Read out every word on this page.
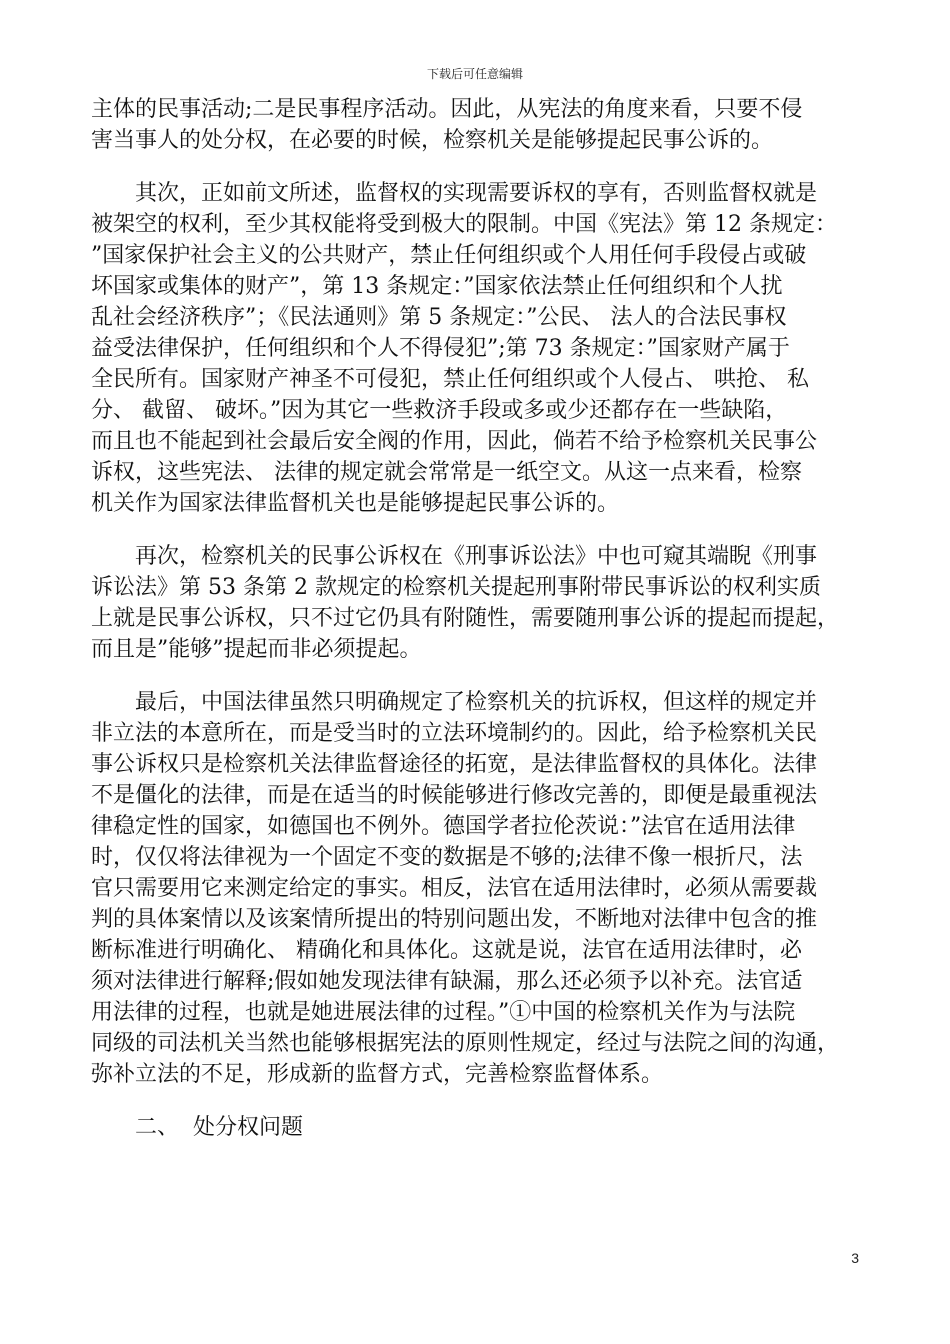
下载后可任意编辑
主体的民事活动;二是民事程序活动。因此，从宪法的角度来看，只要不侵
害当事人的处分权，在必要的时候，检察机关是能够提起民事公诉的。
其次，正如前文所述，监督权的实现需要诉权的享有，否则监督权就是
被架空的权利，至少其权能将受到极大的限制。中国《宪法》第 12 条规定：
”国家保护社会主义的公共财产，禁止任何组织或个人用任何手段侵占或破
坏国家或集体的财产”，第 13 条规定：”国家依法禁止任何组织和个人扰
乱社会经济秩序”；《民法通则》第 5 条规定：”公民、 法人的合法民事权
益受法律保护，任何组织和个人不得侵犯”;第 73 条规定：”国家财产属于
全民所有。国家财产神圣不可侵犯，禁止任何组织或个人侵占、 哄抢、 私
分、 截留、 破坏。”因为其它一些救济手段或多或少还都存在一些缺陷，
而且也不能起到社会最后安全阀的作用，因此，倘若不给予检察机关民事公
诉权，这些宪法、 法律的规定就会常常是一纸空文。从这一点来看，检察
机关作为国家法律监督机关也是能够提起民事公诉的。
再次，检察机关的民事公诉权在《刑事诉讼法》中也可窥其端睨《刑事
诉讼法》第 53 条第 2 款规定的检察机关提起刑事附带民事诉讼的权利实质
上就是民事公诉权，只不过它仍具有附随性，需要随刑事公诉的提起而提起，
而且是”能够”提起而非必须提起。
最后，中国法律虽然只明确规定了检察机关的抗诉权，但这样的规定并
非立法的本意所在，而是受当时的立法环境制约的。因此，给予检察机关民
事公诉权只是检察机关法律监督途径的拓宽，是法律监督权的具体化。法律
不是僵化的法律，而是在适当的时候能够进行修改完善的，即便是最重视法
律稳定性的国家，如德国也不例外。德国学者拉伦茨说：”法官在适用法律
时，仅仅将法律视为一个固定不变的数据是不够的;法律不像一根折尺，法
官只需要用它来测定给定的事实。相反，法官在适用法律时，必须从需要裁
判的具体案情以及该案情所提出的特别问题出发，不断地对法律中包含的推
断标准进行明确化、 精确化和具体化。这就是说，法官在适用法律时，必
须对法律进行解释;假如她发现法律有缺漏，那么还必须予以补充。法官适
用法律的过程，也就是她进展法律的过程。”①中国的检察机关作为与法院
同级的司法机关当然也能够根据宪法的原则性规定，经过与法院之间的沟通，
弥补立法的不足，形成新的监督方式，完善检察监督体系。
二、  处分权问题
3
